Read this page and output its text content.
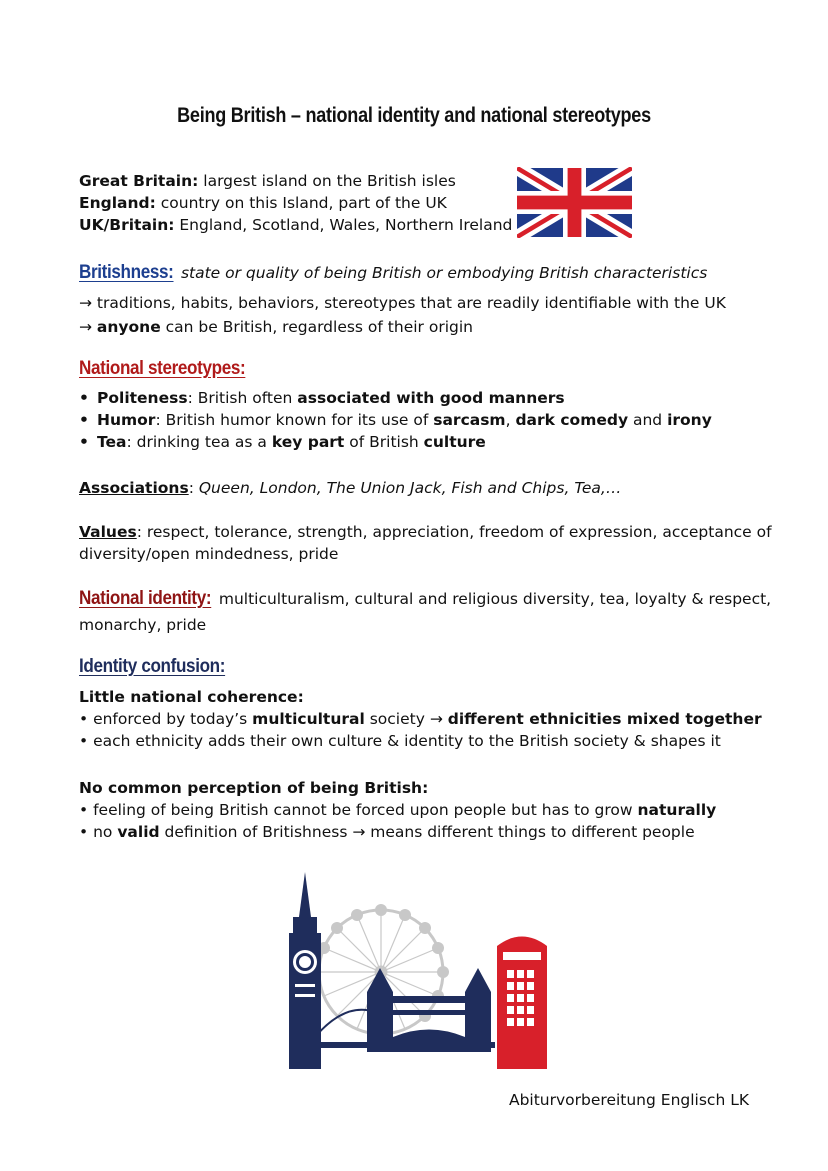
Being British – national identity and national stereotypes
Great Britain: largest island on the British isles
England: country on this Island, part of the UK
UK/Britain: England, Scotland, Wales, Northern Ireland
Britishness: state or quality of being British or embodying British characteristics
→ traditions, habits, behaviors, stereotypes that are readily identifiable with the UK
→ anyone can be British, regardless of their origin
National stereotypes:
• Politeness: British often associated with good manners
• Humor: British humor known for its use of sarcasm, dark comedy and irony
• Tea: drinking tea as a key part of British culture
Associations: Queen, London, The Union Jack, Fish and Chips, Tea,…
Values: respect, tolerance, strength, appreciation, freedom of expression, acceptance of
diversity/open mindedness, pride
National identity: multiculturalism, cultural and religious diversity, tea, loyalty & respect,
monarchy, pride
Identity confusion:
Little national coherence:
• enforced by today’s multicultural society → different ethnicities mixed together
• each ethnicity adds their own culture & identity to the British society & shapes it
No common perception of being British:
• feeling of being British cannot be forced upon people but has to grow naturally
• no valid definition of Britishness → means different things to different people
Abiturvorbereitung Englisch LK
